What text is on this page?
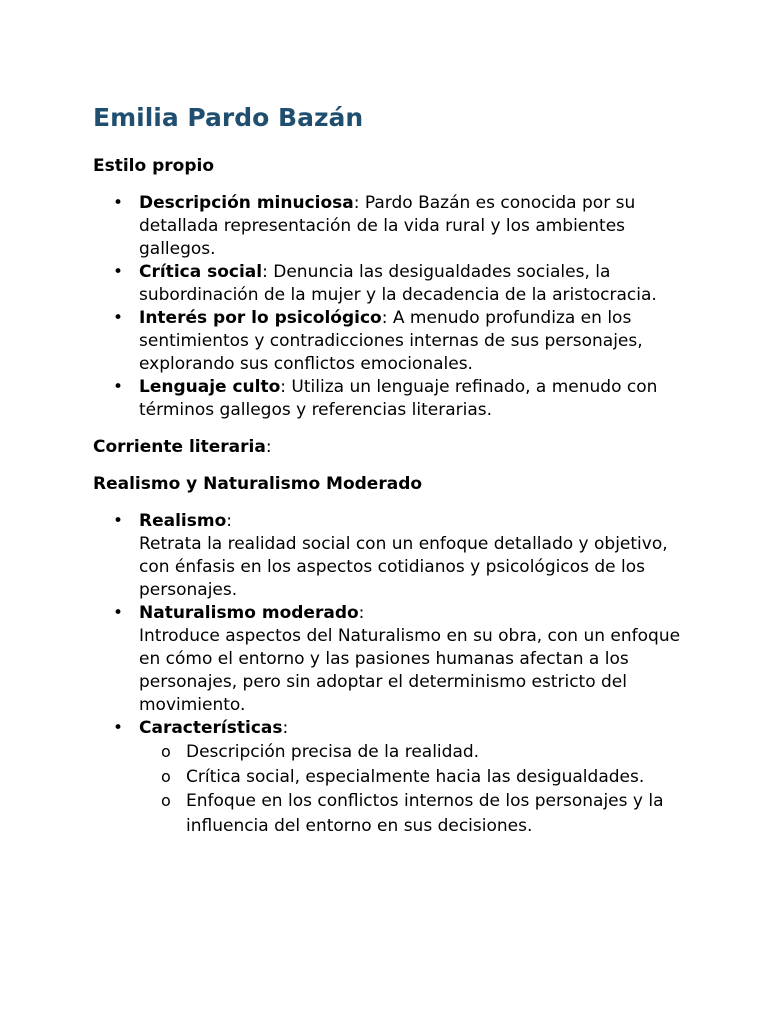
Emilia Pardo Bazán

Estilo propio

• Descripción minuciosa: Pardo Bazán es conocida por su detallada representación de la vida rural y los ambientes gallegos.
• Crítica social: Denuncia las desigualdades sociales, la subordinación de la mujer y la decadencia de la aristocracia.
• Interés por lo psicológico: A menudo profundiza en los sentimientos y contradicciones internas de sus personajes, explorando sus conflictos emocionales.
• Lenguaje culto: Utiliza un lenguaje refinado, a menudo con términos gallegos y referencias literarias.

Corriente literaria:

Realismo y Naturalismo Moderado

• Realismo:
Retrata la realidad social con un enfoque detallado y objetivo, con énfasis en los aspectos cotidianos y psicológicos de los personajes.
• Naturalismo moderado:
Introduce aspectos del Naturalismo en su obra, con un enfoque en cómo el entorno y las pasiones humanas afectan a los personajes, pero sin adoptar el determinismo estricto del movimiento.
• Características:
o Descripción precisa de la realidad.
o Crítica social, especialmente hacia las desigualdades.
o Enfoque en los conflictos internos de los personajes y la influencia del entorno en sus decisiones.
